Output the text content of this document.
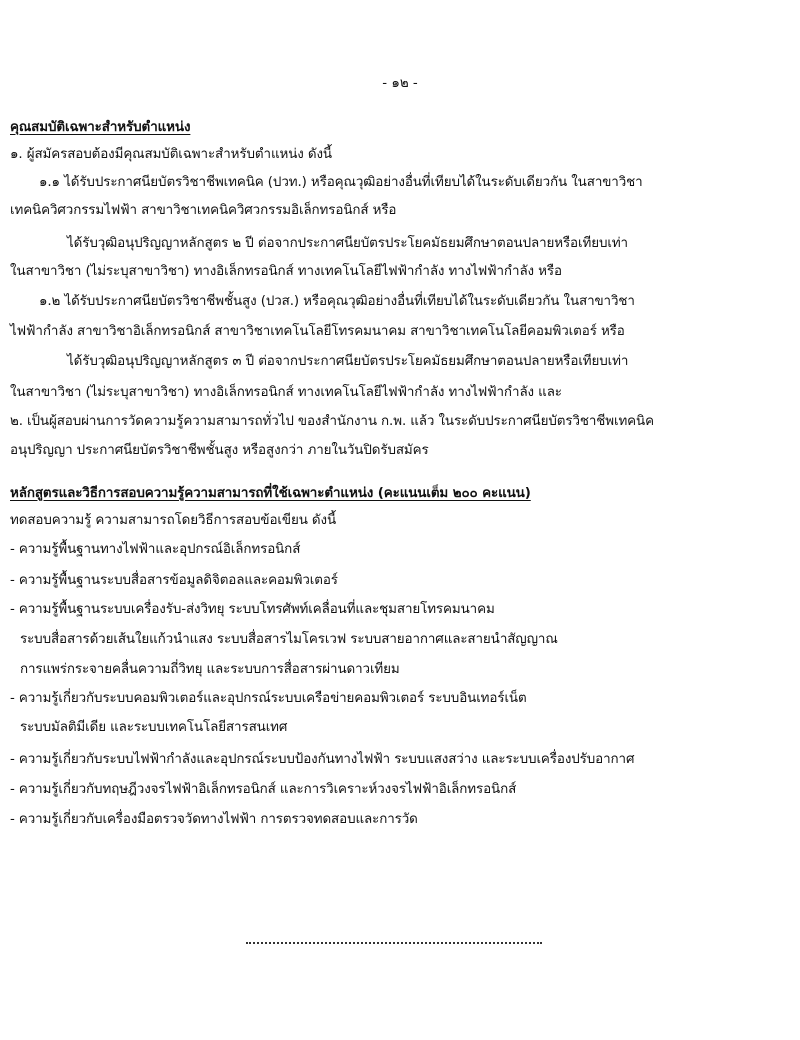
- ๑๒ -
คุณสมบัติเฉพาะสำหรับตำแหน่ง
๑. ผู้สมัครสอบต้องมีคุณสมบัติเฉพาะสำหรับตำแหน่ง ดังนี้
๑.๑ ได้รับประกาศนียบัตรวิชาชีพเทคนิค (ปวท.) หรือคุณวุฒิอย่างอื่นที่เทียบได้ในระดับเดียวกัน ในสาขาวิชา
เทคนิควิศวกรรมไฟฟ้า สาขาวิชาเทคนิควิศวกรรมอิเล็กทรอนิกส์ หรือ
ได้รับวุฒิอนุปริญญาหลักสูตร ๒ ปี ต่อจากประกาศนียบัตรประโยคมัธยมศึกษาตอนปลายหรือเทียบเท่า
ในสาขาวิชา (ไม่ระบุสาขาวิชา) ทางอิเล็กทรอนิกส์ ทางเทคโนโลยีไฟฟ้ากำลัง ทางไฟฟ้ากำลัง หรือ
๑.๒ ได้รับประกาศนียบัตรวิชาชีพชั้นสูง (ปวส.) หรือคุณวุฒิอย่างอื่นที่เทียบได้ในระดับเดียวกัน ในสาขาวิชา
ไฟฟ้ากำลัง สาขาวิชาอิเล็กทรอนิกส์ สาขาวิชาเทคโนโลยีโทรคมนาคม สาขาวิชาเทคโนโลยีคอมพิวเตอร์ หรือ
ได้รับวุฒิอนุปริญญาหลักสูตร ๓ ปี ต่อจากประกาศนียบัตรประโยคมัธยมศึกษาตอนปลายหรือเทียบเท่า
ในสาขาวิชา (ไม่ระบุสาขาวิชา) ทางอิเล็กทรอนิกส์ ทางเทคโนโลยีไฟฟ้ากำลัง ทางไฟฟ้ากำลัง และ
๒. เป็นผู้สอบผ่านการวัดความรู้ความสามารถทั่วไป ของสำนักงาน ก.พ. แล้ว ในระดับประกาศนียบัตรวิชาชีพเทคนิค
อนุปริญญา ประกาศนียบัตรวิชาชีพชั้นสูง หรือสูงกว่า ภายในวันปิดรับสมัคร
หลักสูตรและวิธีการสอบความรู้ความสามารถที่ใช้เฉพาะตำแหน่ง (คะแนนเต็ม ๒๐๐ คะแนน)
ทดสอบความรู้ ความสามารถโดยวิธีการสอบข้อเขียน ดังนี้
- ความรู้พื้นฐานทางไฟฟ้าและอุปกรณ์อิเล็กทรอนิกส์
- ความรู้พื้นฐานระบบสื่อสารข้อมูลดิจิตอลและคอมพิวเตอร์
- ความรู้พื้นฐานระบบเครื่องรับ-ส่งวิทยุ ระบบโทรศัพท์เคลื่อนที่และชุมสายโทรคมนาคม
ระบบสื่อสารด้วยเส้นใยแก้วนำแสง ระบบสื่อสารไมโครเวฟ ระบบสายอากาศและสายนำสัญญาณ
การแพร่กระจายคลื่นความถี่วิทยุ และระบบการสื่อสารผ่านดาวเทียม
- ความรู้เกี่ยวกับระบบคอมพิวเตอร์และอุปกรณ์ระบบเครือข่ายคอมพิวเตอร์ ระบบอินเทอร์เน็ต
ระบบมัลติมีเดีย และระบบเทคโนโลยีสารสนเทศ
- ความรู้เกี่ยวกับระบบไฟฟ้ากำลังและอุปกรณ์ระบบป้องกันทางไฟฟ้า ระบบแสงสว่าง และระบบเครื่องปรับอากาศ
- ความรู้เกี่ยวกับทฤษฎีวงจรไฟฟ้าอิเล็กทรอนิกส์ และการวิเคราะห์วงจรไฟฟ้าอิเล็กทรอนิกส์
- ความรู้เกี่ยวกับเครื่องมือตรวจวัดทางไฟฟ้า การตรวจทดสอบและการวัด
